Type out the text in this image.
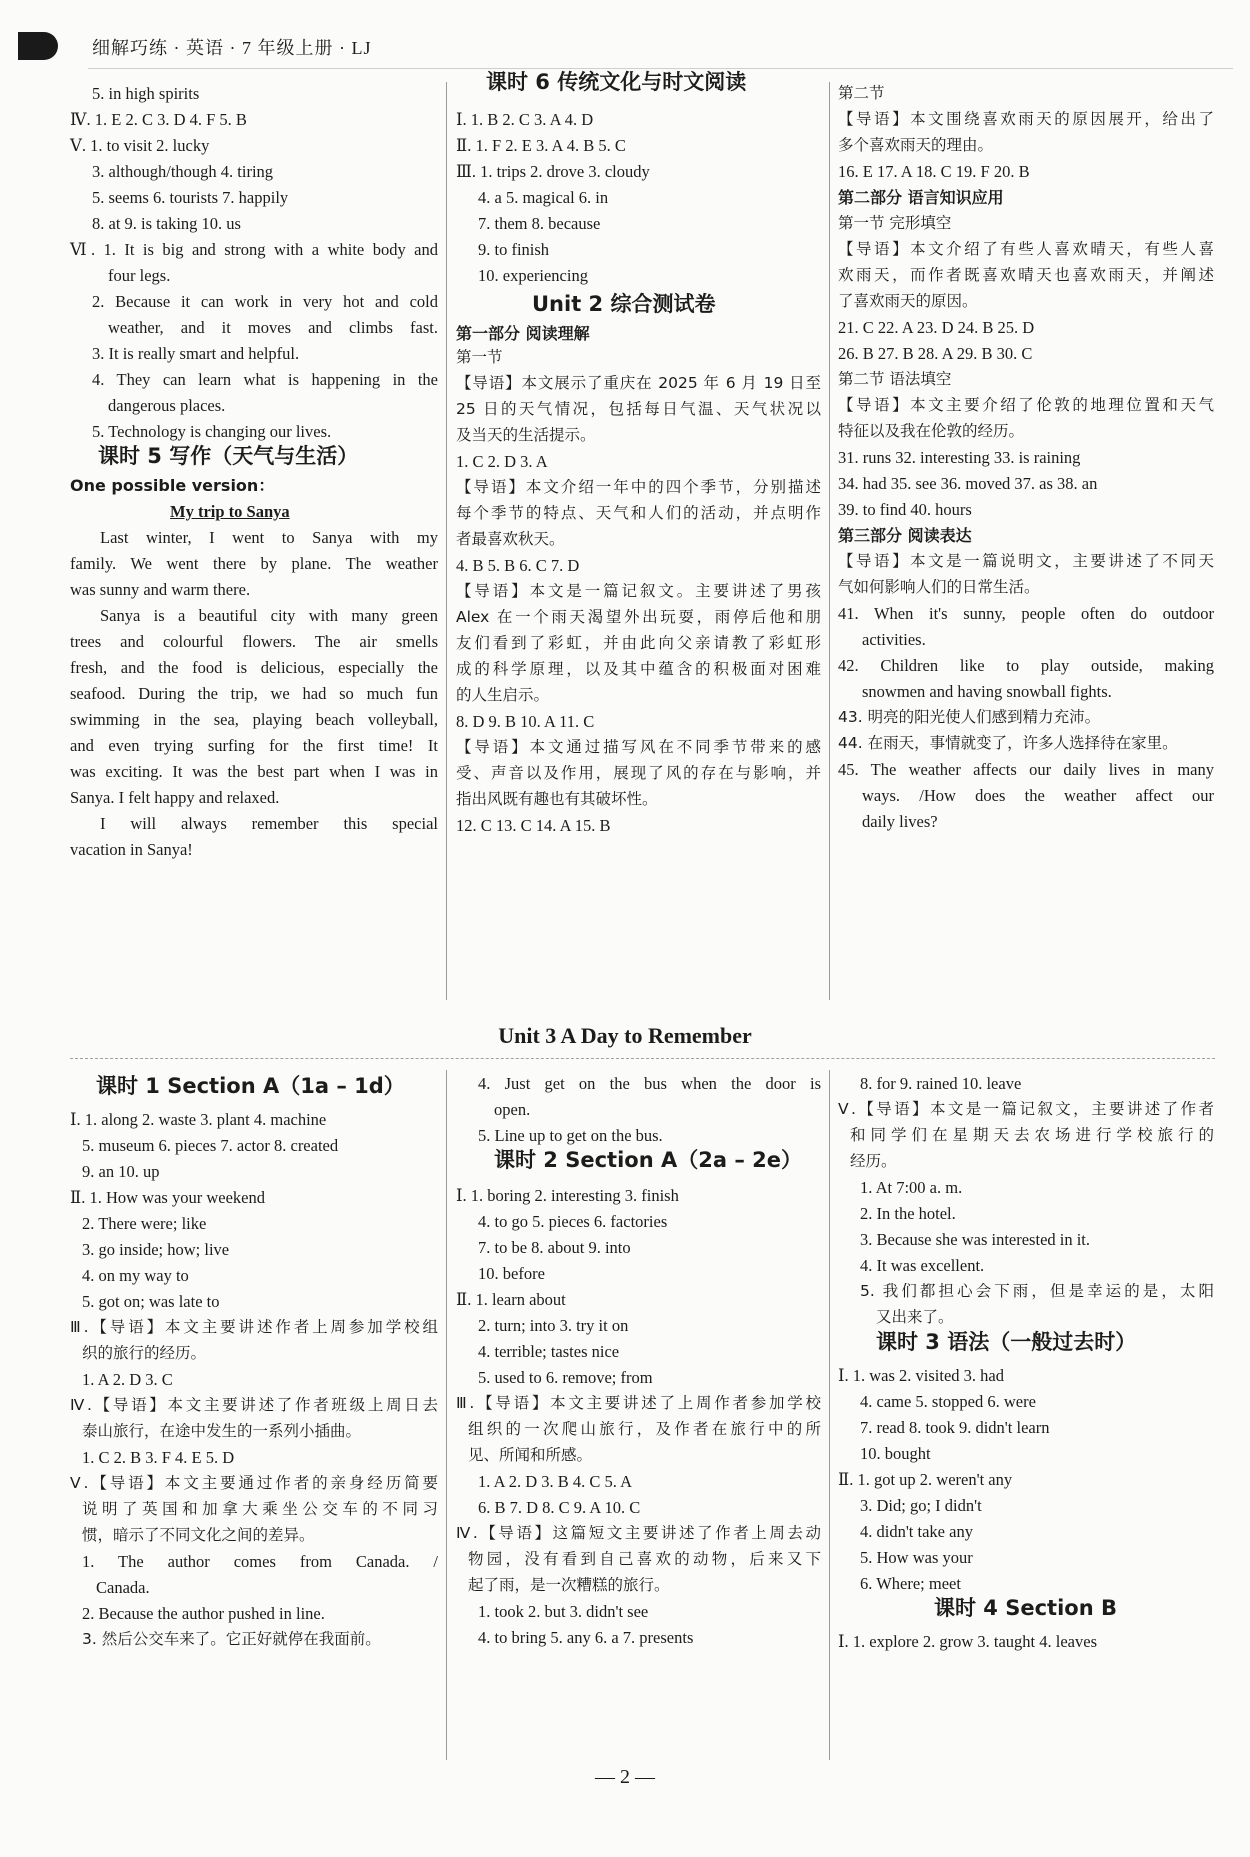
细解巧练 · 英语 · 7 年级上册 · LJ
5. in high spirits
Ⅳ. 1. E 2. C 3. D 4. F 5. B
Ⅴ. 1. to visit 2. lucky
3. although/though 4. tiring
5. seems 6. tourists 7. happily
8. at 9. is taking 10. us
Ⅵ. 1. It is big and strong with a white body and
four legs.
2. Because it can work in very hot and cold
weather, and it moves and climbs fast.
3. It is really smart and helpful.
4. They can learn what is happening in the
dangerous places.
5. Technology is changing our lives.
课时 5 写作（天气与生活）
One possible version：
My trip to Sanya
Last winter, I went to Sanya with my
family. We went there by plane. The weather
was sunny and warm there.
Sanya is a beautiful city with many green
trees and colourful flowers. The air smells
fresh, and the food is delicious, especially the
seafood. During the trip, we had so much fun
swimming in the sea, playing beach volleyball,
and even trying surfing for the first time! It
was exciting. It was the best part when I was in
Sanya. I felt happy and relaxed.
I will always remember this special
vacation in Sanya!
课时 6 传统文化与时文阅读
Ⅰ. 1. B 2. C 3. A 4. D
Ⅱ. 1. F 2. E 3. A 4. B 5. C
Ⅲ. 1. trips 2. drove 3. cloudy
4. a 5. magical 6. in
7. them 8. because
9. to finish
10. experiencing
Unit 2 综合测试卷
第一部分 阅读理解
第一节
【导语】本文展示了重庆在 2025 年 6 月 19 日至
25 日的天气情况，包括每日气温、天气状况以
及当天的生活提示。
1. C 2. D 3. A
【导语】本文介绍一年中的四个季节，分别描述
每个季节的特点、天气和人们的活动，并点明作
者最喜欢秋天。
4. B 5. B 6. C 7. D
【导语】本文是一篇记叙文。主要讲述了男孩
Alex 在一个雨天渴望外出玩耍，雨停后他和朋
友们看到了彩虹，并由此向父亲请教了彩虹形
成的科学原理，以及其中蕴含的积极面对困难
的人生启示。
8. D 9. B 10. A 11. C
【导语】本文通过描写风在不同季节带来的感
受、声音以及作用，展现了风的存在与影响，并
指出风既有趣也有其破坏性。
12. C 13. C 14. A 15. B
第二节
【导语】本文围绕喜欢雨天的原因展开，给出了
多个喜欢雨天的理由。
16. E 17. A 18. C 19. F 20. B
第二部分 语言知识应用
第一节 完形填空
【导语】本文介绍了有些人喜欢晴天，有些人喜
欢雨天，而作者既喜欢晴天也喜欢雨天，并阐述
了喜欢雨天的原因。
21. C 22. A 23. D 24. B 25. D
26. B 27. B 28. A 29. B 30. C
第二节 语法填空
【导语】本文主要介绍了伦敦的地理位置和天气
特征以及我在伦敦的经历。
31. runs 32. interesting 33. is raining
34. had 35. see 36. moved 37. as 38. an
39. to find 40. hours
第三部分 阅读表达
【导语】本文是一篇说明文，主要讲述了不同天
气如何影响人们的日常生活。
41. When it's sunny, people often do outdoor
activities.
42. Children like to play outside, making
snowmen and having snowball fights.
43. 明亮的阳光使人们感到精力充沛。
44. 在雨天，事情就变了，许多人选择待在家里。
45. The weather affects our daily lives in many
ways. /How does the weather affect our
daily lives?
Unit 3 A Day to Remember
课时 1 Section A（1a – 1d）
Ⅰ. 1. along 2. waste 3. plant 4. machine
5. museum 6. pieces 7. actor 8. created
9. an 10. up
Ⅱ. 1. How was your weekend
2. There were; like
3. go inside; how; live
4. on my way to
5. got on; was late to
Ⅲ.【导语】本文主要讲述作者上周参加学校组
织的旅行的经历。
1. A 2. D 3. C
Ⅳ.【导语】本文主要讲述了作者班级上周日去
泰山旅行，在途中发生的一系列小插曲。
1. C 2. B 3. F 4. E 5. D
Ⅴ.【导语】本文主要通过作者的亲身经历简要
说明了英国和加拿大乘坐公交车的不同习
惯，暗示了不同文化之间的差异。
1. The author comes from Canada. /
Canada.
2. Because the author pushed in line.
3. 然后公交车来了。它正好就停在我面前。
4. Just get on the bus when the door is
open.
5. Line up to get on the bus.
课时 2 Section A（2a – 2e）
Ⅰ. 1. boring 2. interesting 3. finish
4. to go 5. pieces 6. factories
7. to be 8. about 9. into
10. before
Ⅱ. 1. learn about
2. turn; into 3. try it on
4. terrible; tastes nice
5. used to 6. remove; from
Ⅲ.【导语】本文主要讲述了上周作者参加学校
组织的一次爬山旅行，及作者在旅行中的所
见、所闻和所感。
1. A 2. D 3. B 4. C 5. A
6. B 7. D 8. C 9. A 10. C
Ⅳ.【导语】这篇短文主要讲述了作者上周去动
物园，没有看到自己喜欢的动物，后来又下
起了雨，是一次糟糕的旅行。
1. took 2. but 3. didn't see
4. to bring 5. any 6. a 7. presents
8. for 9. rained 10. leave
Ⅴ.【导语】本文是一篇记叙文，主要讲述了作者
和同学们在星期天去农场进行学校旅行的
经历。
1. At 7:00 a. m.
2. In the hotel.
3. Because she was interested in it.
4. It was excellent.
5. 我们都担心会下雨，但是幸运的是，太阳
又出来了。
课时 3 语法（一般过去时）
Ⅰ. 1. was 2. visited 3. had
4. came 5. stopped 6. were
7. read 8. took 9. didn't learn
10. bought
Ⅱ. 1. got up 2. weren't any
3. Did; go; I didn't
4. didn't take any
5. How was your
6. Where; meet
课时 4 Section B
Ⅰ. 1. explore 2. grow 3. taught 4. leaves
— 2 —
⁣
